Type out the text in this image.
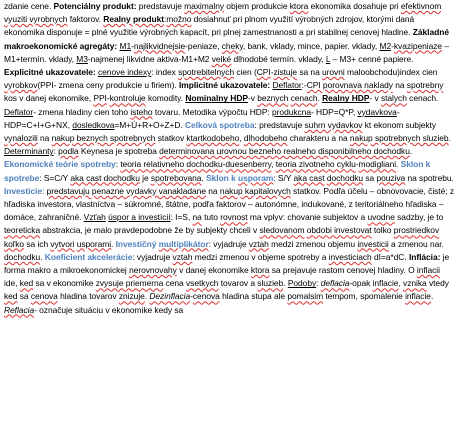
zdanie cene. Potenciálny produkt: predstavuje maximalny objem produkcie ktora ekonomika dosahuje pri efektivnom vyuziti vyrobnych faktorov. Realny produkt:možno dosiahnuť pri plnom využití výrobných zdrojov, ktorými daná ekonomika disponuje = plné využitie výrobných kapacít, pri plnej zamestnanosti a pri stabilnej cenovej hladine. Základné makroekonomické agregáty: M1-najlikvidnejsie-peniaze, cheky, bank, vklady, mince, papier. vklady, M2-kvazipeniaze – M1+termín. vklady, M3-najmenej likvidne aktiva-M1+M2 velké dlhodobé termín. vklady, L – M3+ cenné papiere. Explicitné ukazovatele: cenove indexy: index spotrebitelnych cien (CPI-zistuje sa na urovni maloobchodu)index cien vyrobkov(PPI- zmena ceny produkcie u firiem). Implicitné ukazovatele: Deflator:-CPI porovnava naklady na spotrebny kos v danej ekonomike, PPI-kontroluje komodity. Nominalny HDP-v beznych cenach. Realny HDP- v stalych cenach. Deflator- zmena hladiny cien toho isteho tovaru. Metodika výpočtu HDP: produkcna- HDP=Q*P, vydavkova-HDP=C+I+G+NX, dosledkova=M+Ú+R+O+Z+D. Celková spotreba: predstavuje suhrn vydavkov kt ekonom subjekty vynalozili na nakup beznych spotrebnych statkov ktartkodobeho, dlhodobeho charakteru a na nakup spotrebnych sluzieb. Determinanty: podla Keynesa je spotreba determinovana urovnou bezneho realneho disponibilneho dochodku. Ekonomické teórie spotreby: teoria relativneho dochodku-duesenberry, teoria zivotneho cyklu-modigliani. Sklon k spotrebe: S=C/Y aka cast dochodku je spotrebovana. Sklon k usporam: S/Y aka cast dochodku sa pouziva na spotrebu. Investície: predstavuju penazne vydavky vanakladane na nakup kapitalovych statkov. Podľa účelu – obnovovacie, čisté; z hľadiska investora, vlastníctva – súkromné, štátne, podľa faktorov – autonómne, indukované, z teritoriálneho hľadiska – domáce, zahraničné. Vzťah úspor a investícií: I=S, na tuto rovnost ma vplyv: chovanie subjektov a uvodne sadzby, je to teoreticka abstrakcia, je malo pravdepodobne že by subjekty chceli v sledovanom obdobi investovat tolko prostriedkov koľko sa ich vytvori usporami. Investičný multiplikátor: vyjadruje vztah medzi zmenou objemu investicii a zmenou nar. dochodku. Koeficient akcelerácie: vyjadruje vztah medzi zmenou v objeme spotreby a investiciach dI=a*dC. Inflácia: je forma makro a mikroekonomickej nerovnovahy v danej ekonomike ktora sa prejavuje rastom cenovej hladiny. O inflacii ide, ked sa v ekonomike zvysuje priemerna cena vsetkych tovarov a sluzieb. Podoby: deflacia-opak inflacie, vznika vtedy ked sa cenova hladina tovarov znizuje. Dezinflacia-cenova hladina stupa ale pomalsim tempom, spomalenie inflacie. Reflacia- označuje situáciu v ekonomike kedy sa
